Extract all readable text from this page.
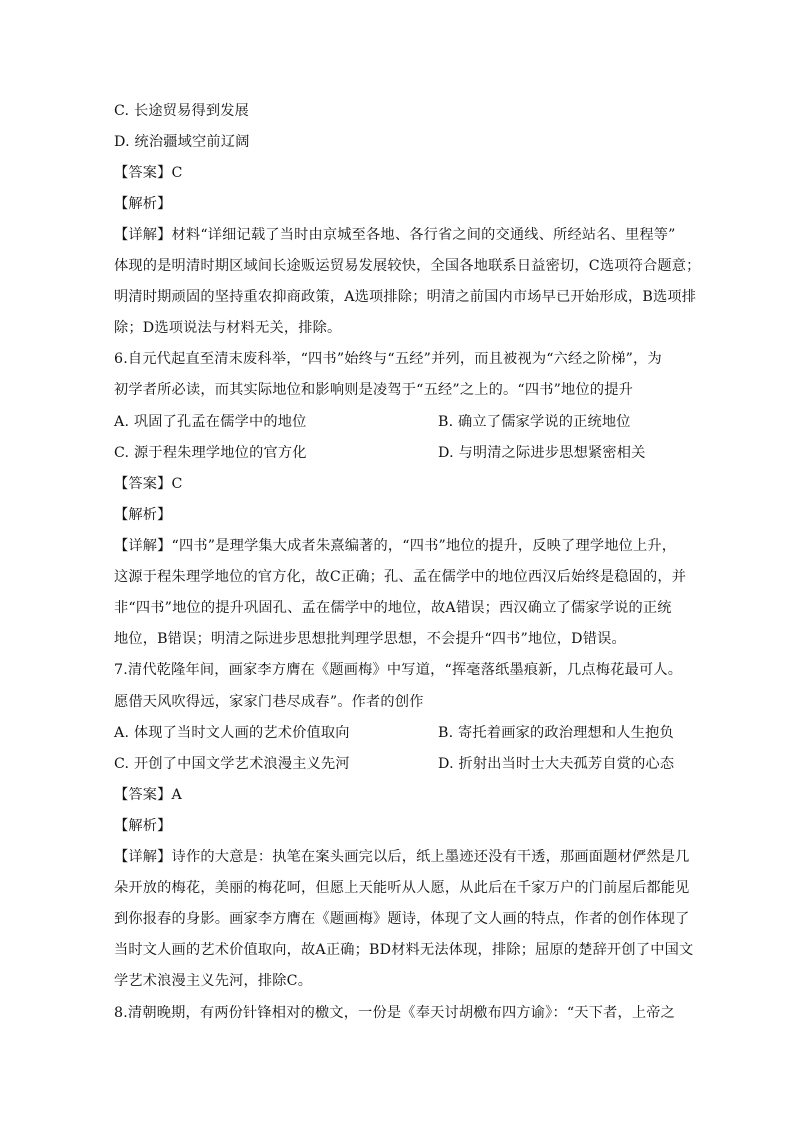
C. 长途贸易得到发展
D. 统治疆域空前辽阔
【答案】C
【解析】
【详解】材料“详细记载了当时由京城至各地、各行省之间的交通线、所经站名、里程等”
体现的是明清时期区域间长途贩运贸易发展较快，全国各地联系日益密切，C选项符合题意；
明清时期顽固的坚持重农抑商政策，A选项排除；明清之前国内市场早已开始形成，B选项排
除；D选项说法与材料无关，排除。
6.自元代起直至清末废科举，“四书”始终与“五经”并列，而且被视为“六经之阶梯”，为
初学者所必读，而其实际地位和影响则是凌驾于“五经”之上的。“四书”地位的提升
A. 巩固了孔孟在儒学中的地位	B. 确立了儒家学说的正统地位
C. 源于程朱理学地位的官方化	D. 与明清之际进步思想紧密相关
【答案】C
【解析】
【详解】“四书”是理学集大成者朱熹编著的，“四书”地位的提升，反映了理学地位上升，
这源于程朱理学地位的官方化，故C正确；孔、孟在儒学中的地位西汉后始终是稳固的，并
非“四书”地位的提升巩固孔、孟在儒学中的地位，故A错误；西汉确立了儒家学说的正统
地位，B错误；明清之际进步思想批判理学思想，不会提升“四书”地位，D错误。
7.清代乾隆年间，画家李方膺在《题画梅》中写道，“挥毫落纸墨痕新，几点梅花最可人。
愿借天风吹得远，家家门巷尽成春”。作者的创作
A. 体现了当时文人画的艺术价值取向	B. 寄托着画家的政治理想和人生抱负
C. 开创了中国文学艺术浪漫主义先河	D. 折射出当时士大夫孤芳自赏的心态
【答案】A
【解析】
【详解】诗作的大意是：执笔在案头画完以后，纸上墨迹还没有干透，那画面题材俨然是几
朵开放的梅花，美丽的梅花呵，但愿上天能听从人愿，从此后在千家万户的门前屋后都能见
到你报春的身影。画家李方膺在《题画梅》题诗，体现了文人画的特点，作者的创作体现了
当时文人画的艺术价值取向，故A正确；BD材料无法体现，排除；屈原的楚辞开创了中国文
学艺术浪漫主义先河，排除C。
8.清朝晚期，有两份针锋相对的檄文，一份是《奉天讨胡檄布四方谕》：“天下者，上帝之
